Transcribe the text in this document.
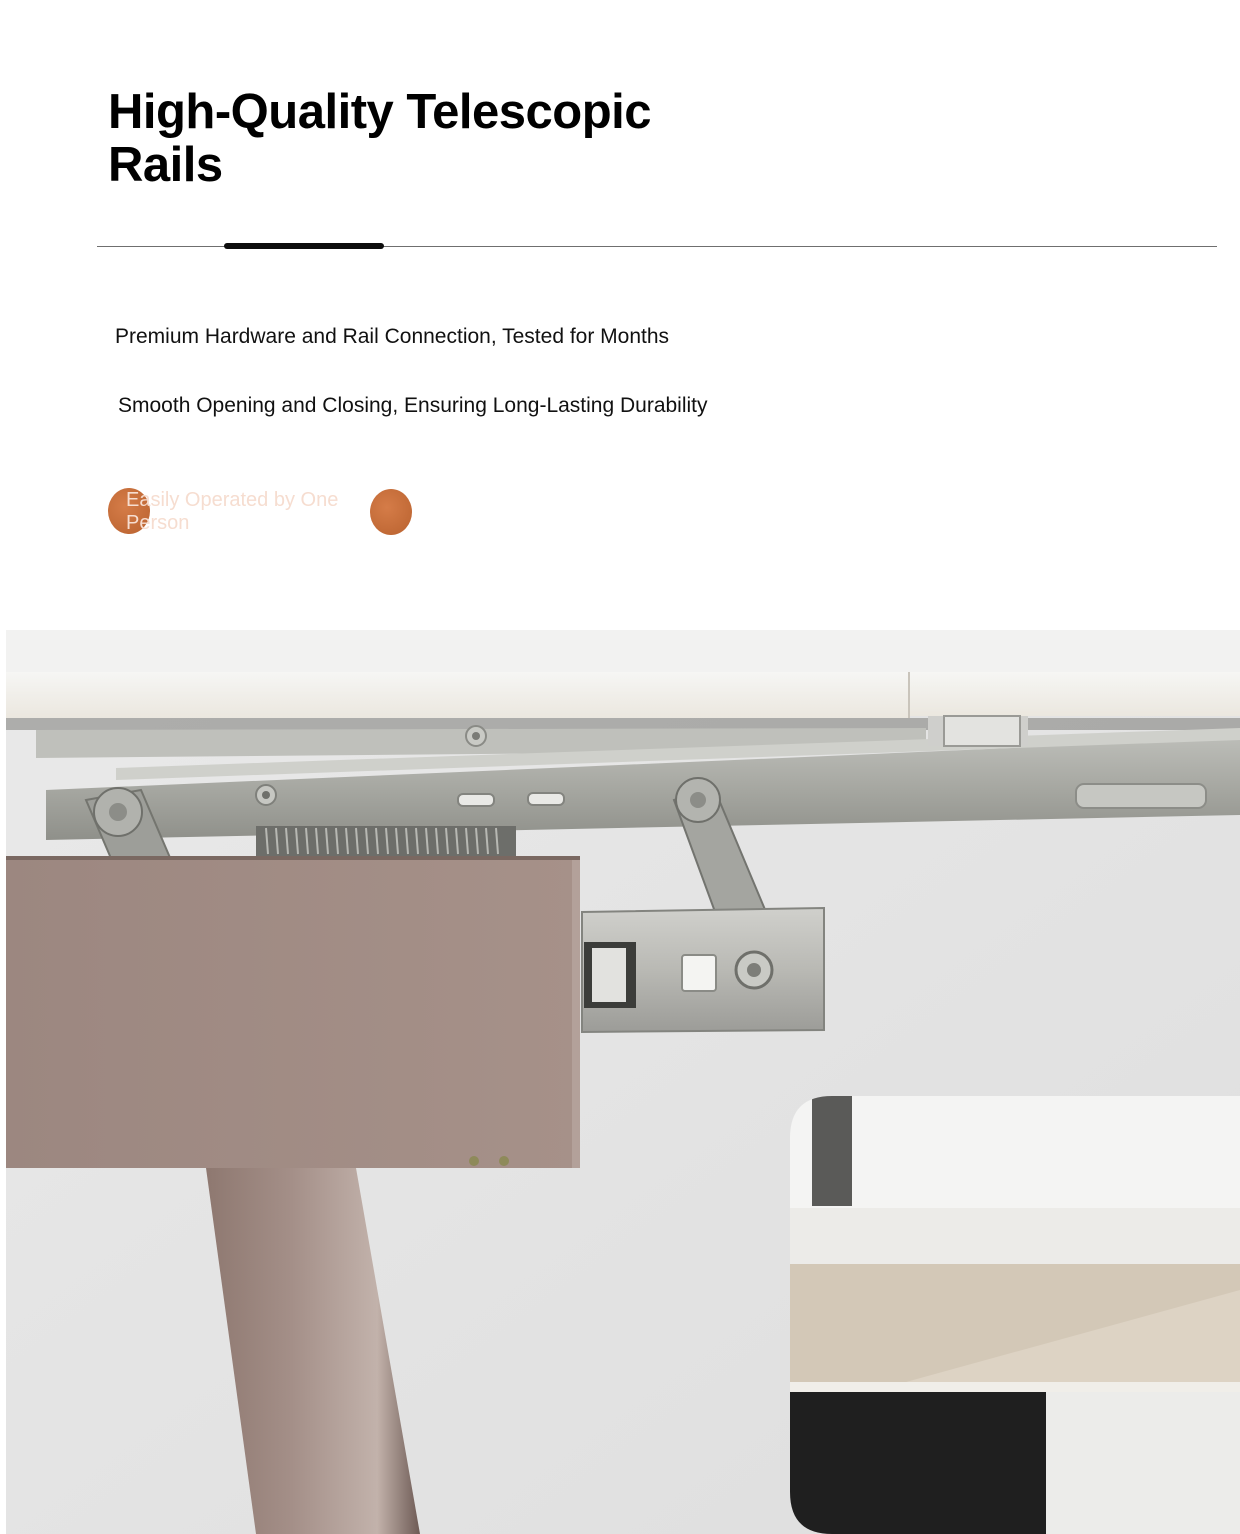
High-Quality Telescopic Rails

Premium Hardware and Rail Connection, Tested for Months

Smooth Opening and Closing, Ensuring Long-Lasting Durability

Easily Operated by One Person
